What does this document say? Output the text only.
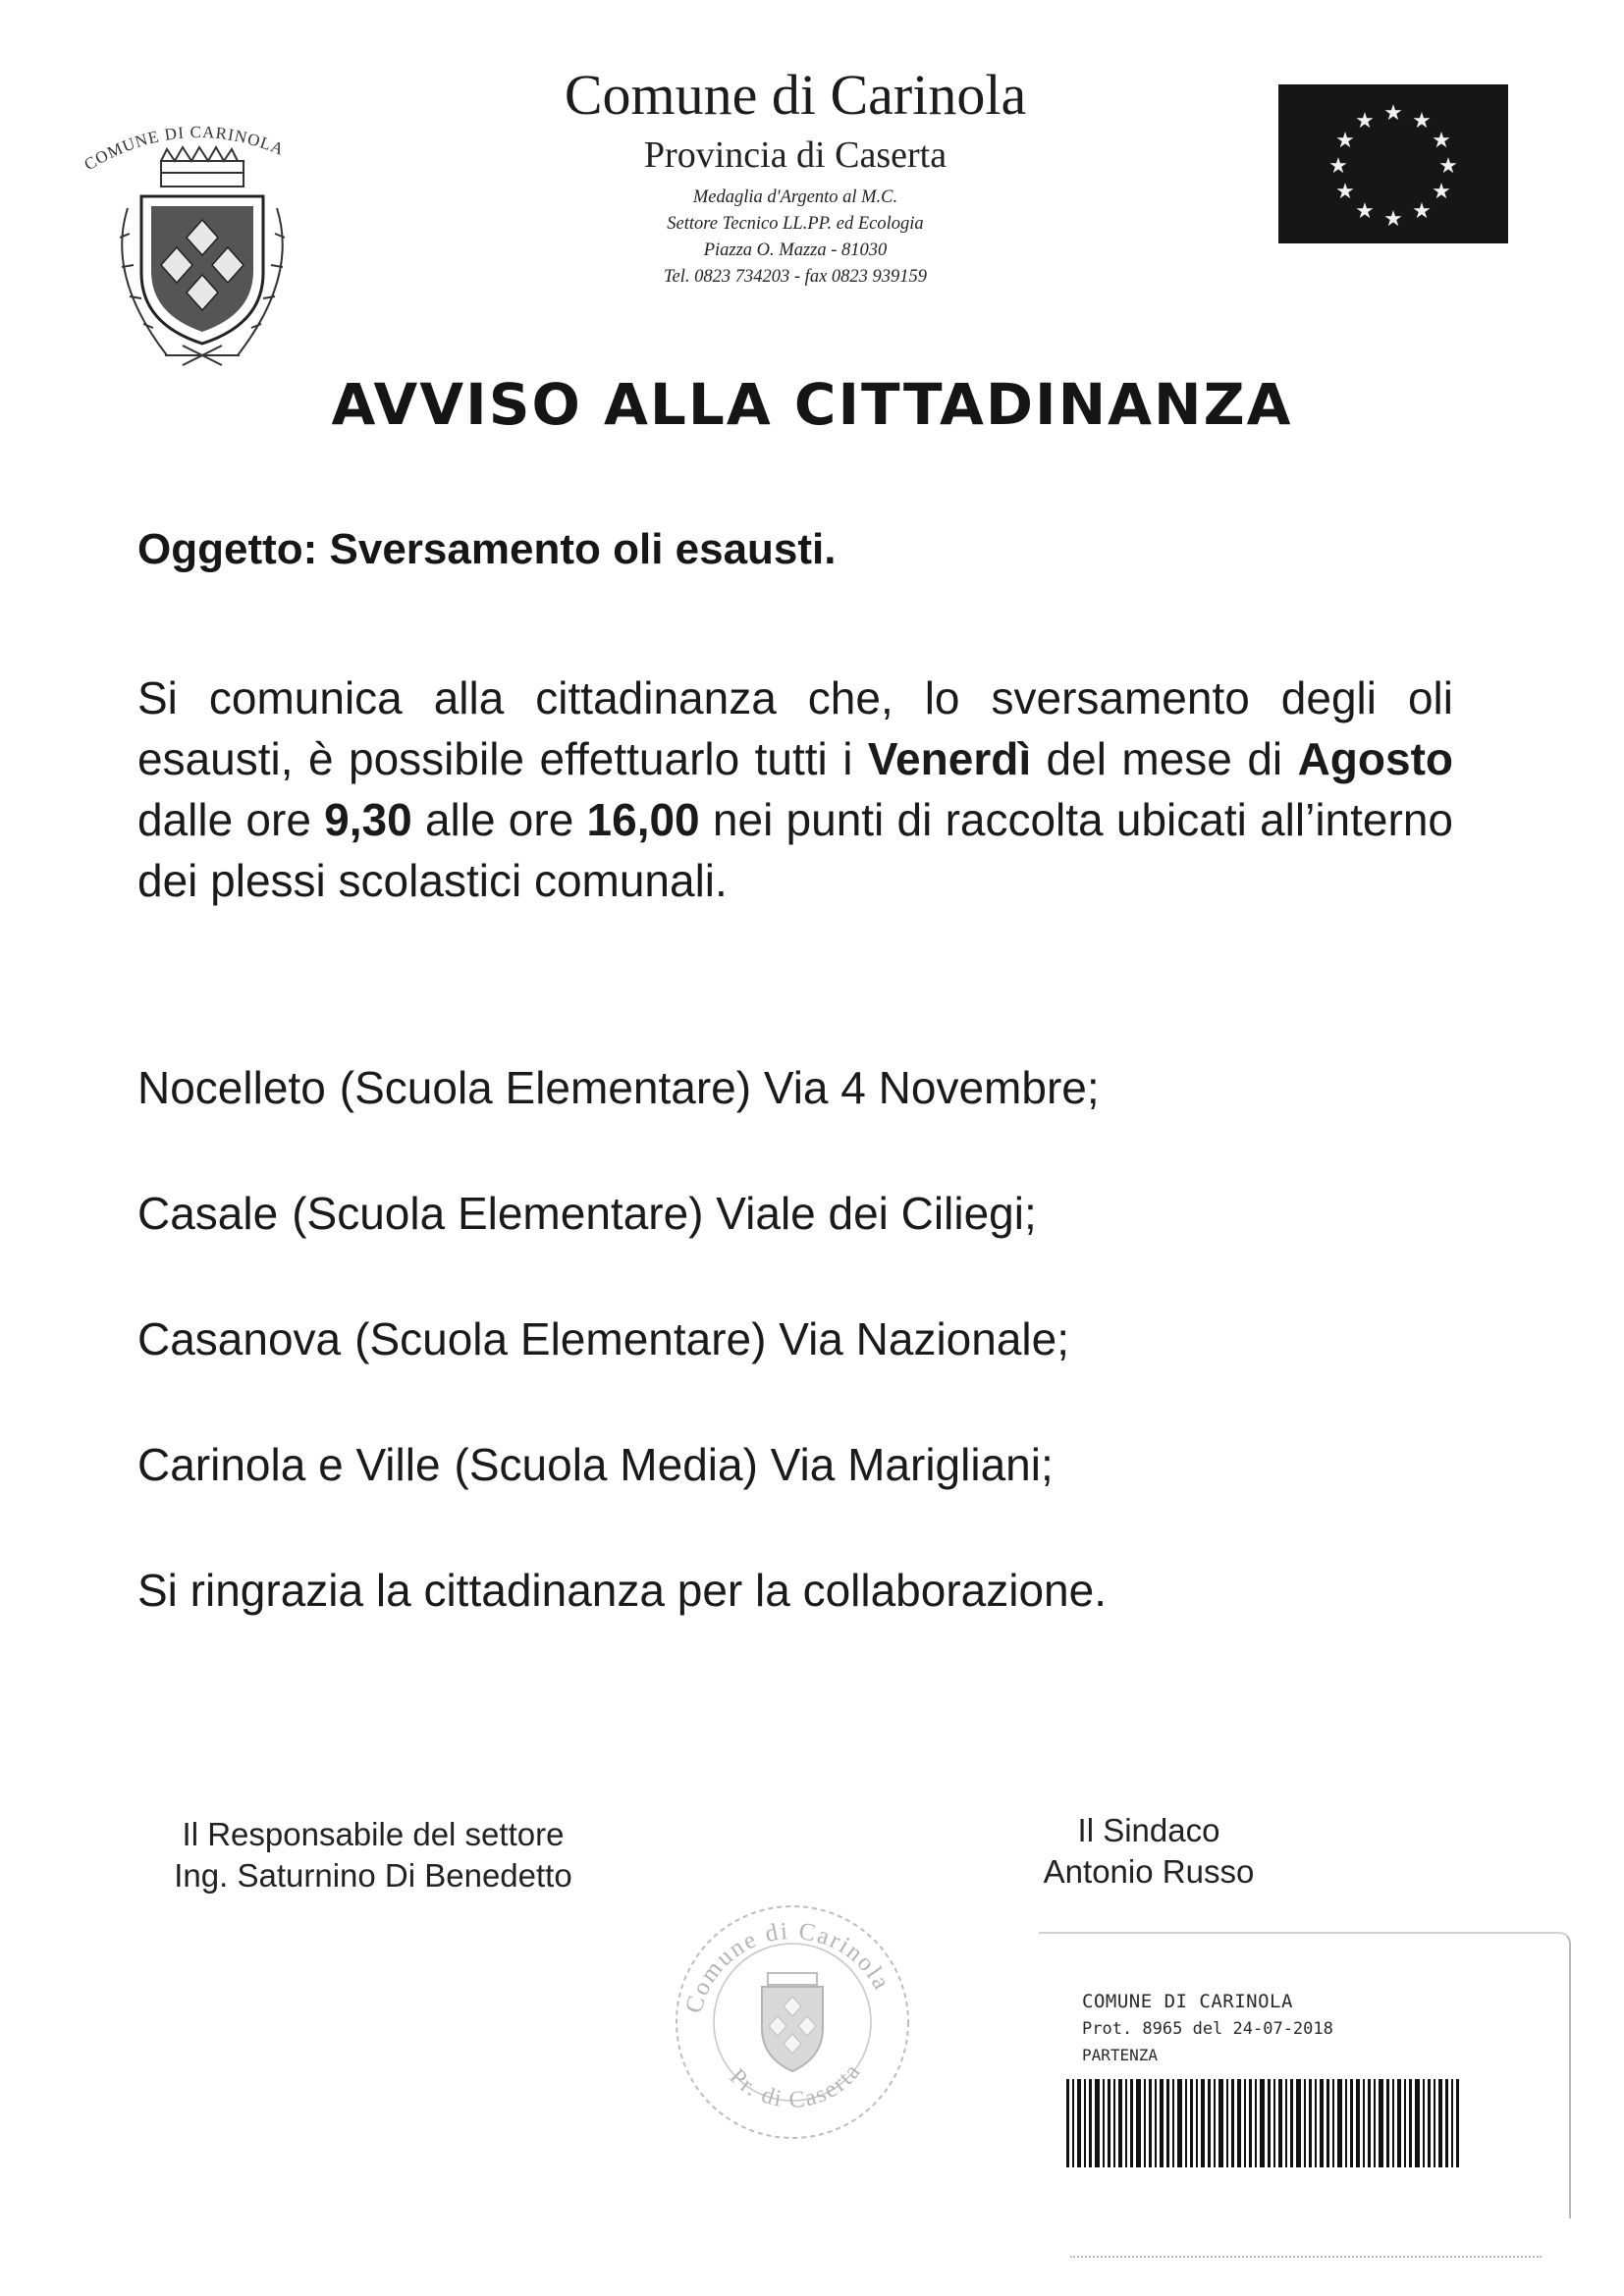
COMUNE DI CARINOLA
Comune di Carinola
Provincia di Caserta
Medaglia d'Argento al M.C.
Settore Tecnico LL.PP. ed Ecologia
Piazza O. Mazza - 81030
Tel. 0823 734203 - fax 0823 939159
★ ★
★
★
★
★
★
★
★
★
★
★
AVVISO ALLA CITTADINANZA
Oggetto: Sversamento oli esausti.
Si comunica alla cittadinanza che, lo sversamento degli oli esausti, è possibile effettuarlo tutti i Venerdì del mese di Agosto dalle ore 9,30 alle ore 16,00 nei punti di raccolta ubicati all’interno dei plessi scolastici comunali.
Nocelleto (Scuola Elementare) Via 4 Novembre;
Casale (Scuola Elementare) Viale dei Ciliegi;
Casanova (Scuola Elementare) Via Nazionale;
Carinola e Ville (Scuola Media) Via Marigliani;
Si ringrazia la cittadinanza per la collaborazione.
Il Responsabile del settore
Ing. Saturnino Di Benedetto
Il Sindaco
Antonio Russo
Comune di Carinola
Pr. di Caserta
COMUNE DI CARINOLA
Prot. 8965 del 24-07-2018
PARTENZA
